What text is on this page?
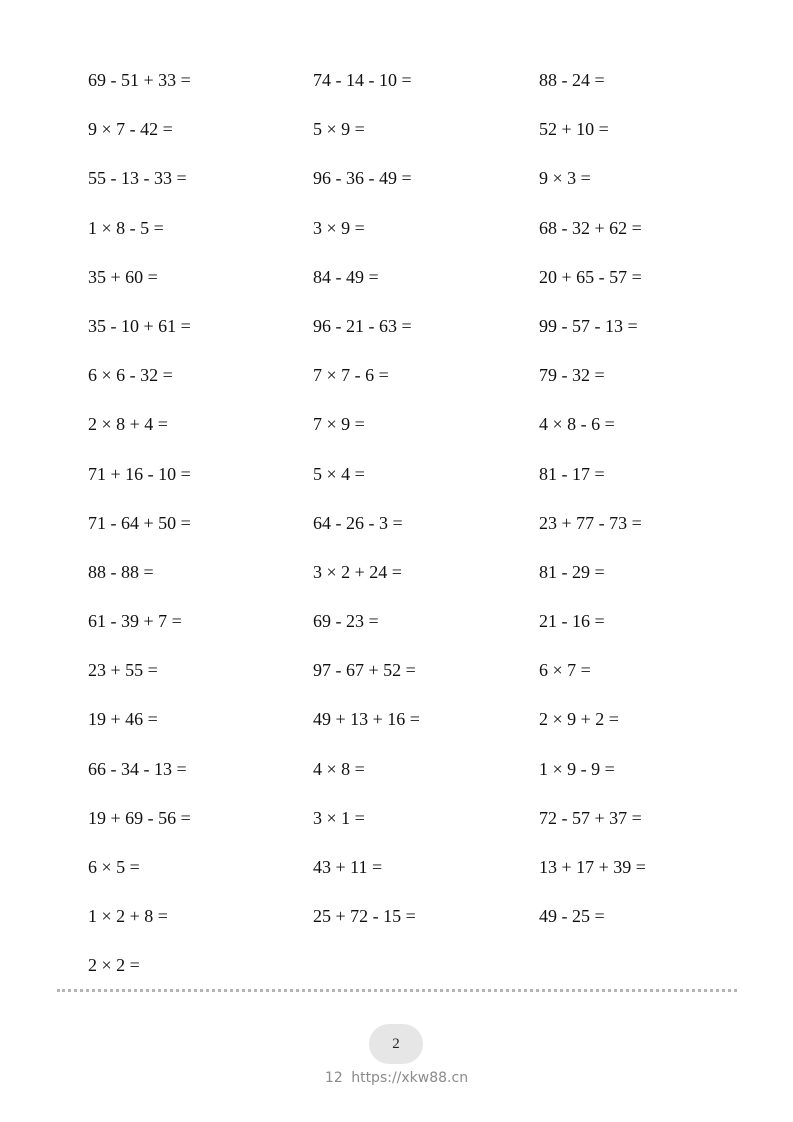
69 - 51 + 33 =
9 × 7 - 42 =
55 - 13 - 33 =
1 × 8 - 5 =
35 + 60 =
35 - 10 + 61 =
6 × 6 - 32 =
2 × 8 + 4 =
71 + 16 - 10 =
71 - 64 + 50 =
88 - 88 =
61 - 39 + 7 =
23 + 55 =
19 + 46 =
66 - 34 - 13 =
19 + 69 - 56 =
6 × 5 =
1 × 2 + 8 =
2 × 2 =
74 - 14 - 10 =
5 × 9 =
96 - 36 - 49 =
3 × 9 =
84 - 49 =
96 - 21 - 63 =
7 × 7 - 6 =
7 × 9 =
5 × 4 =
64 - 26 - 3 =
3 × 2 + 24 =
69 - 23 =
97 - 67 + 52 =
49 + 13 + 16 =
4 × 8 =
3 × 1 =
43 + 11 =
25 + 72 - 15 =
88 - 24 =
52 + 10 =
9 × 3 =
68 - 32 + 62 =
20 + 65 - 57 =
99 - 57 - 13 =
79 - 32 =
4 × 8 - 6 =
81 - 17 =
23 + 77 - 73 =
81 - 29 =
21 - 16 =
6 × 7 =
2 × 9 + 2 =
1 × 9 - 9 =
72 - 57 + 37 =
13 + 17 + 39 =
49 - 25 =
2
12 https://xkw88.cn
